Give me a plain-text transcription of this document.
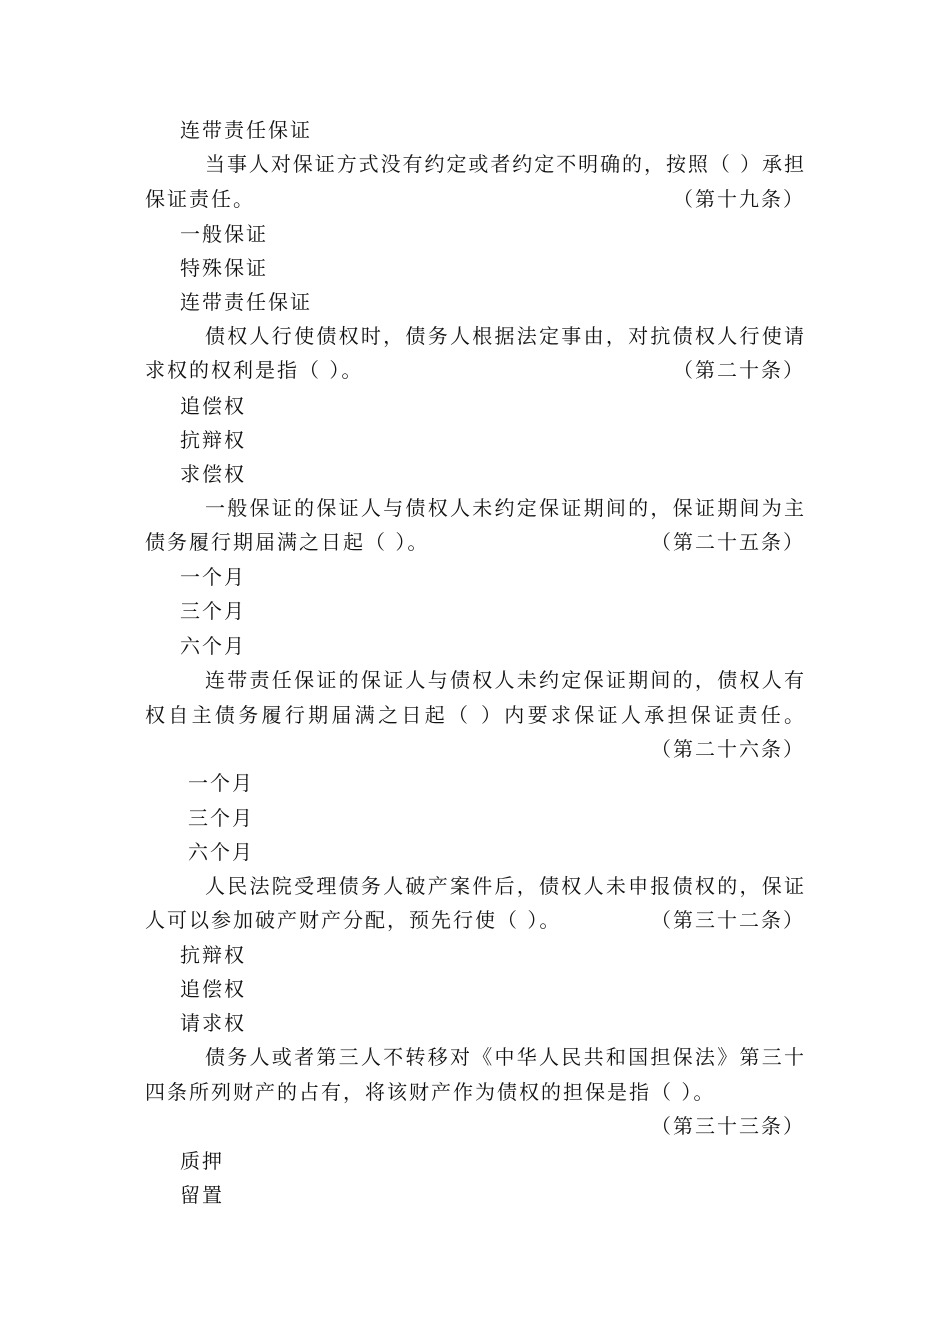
连带责任保证
当事人对保证方式没有约定或者约定不明确的，按照（ ）承担
保证责任。	（第十九条）
一般保证
特殊保证
连带责任保证
债权人行使债权时，债务人根据法定事由，对抗债权人行使请
求权的权利是指（ ）。	（第二十条）
追偿权
抗辩权
求偿权
一般保证的保证人与债权人未约定保证期间的，保证期间为主
债务履行期届满之日起（ ）。	（第二十五条）
一个月
三个月
六个月
连带责任保证的保证人与债权人未约定保证期间的，债权人有
权自主债务履行期届满之日起（ ）内要求保证人承担保证责任。
（第二十六条）
一个月
三个月
六个月
人民法院受理债务人破产案件后，债权人未申报债权的，保证
人可以参加破产财产分配，预先行使（ ）。	（第三十二条）
抗辩权
追偿权
请求权
债务人或者第三人不转移对《中华人民共和国担保法》第三十
四条所列财产的占有，将该财产作为债权的担保是指（ ）。
（第三十三条）
质押
留置
